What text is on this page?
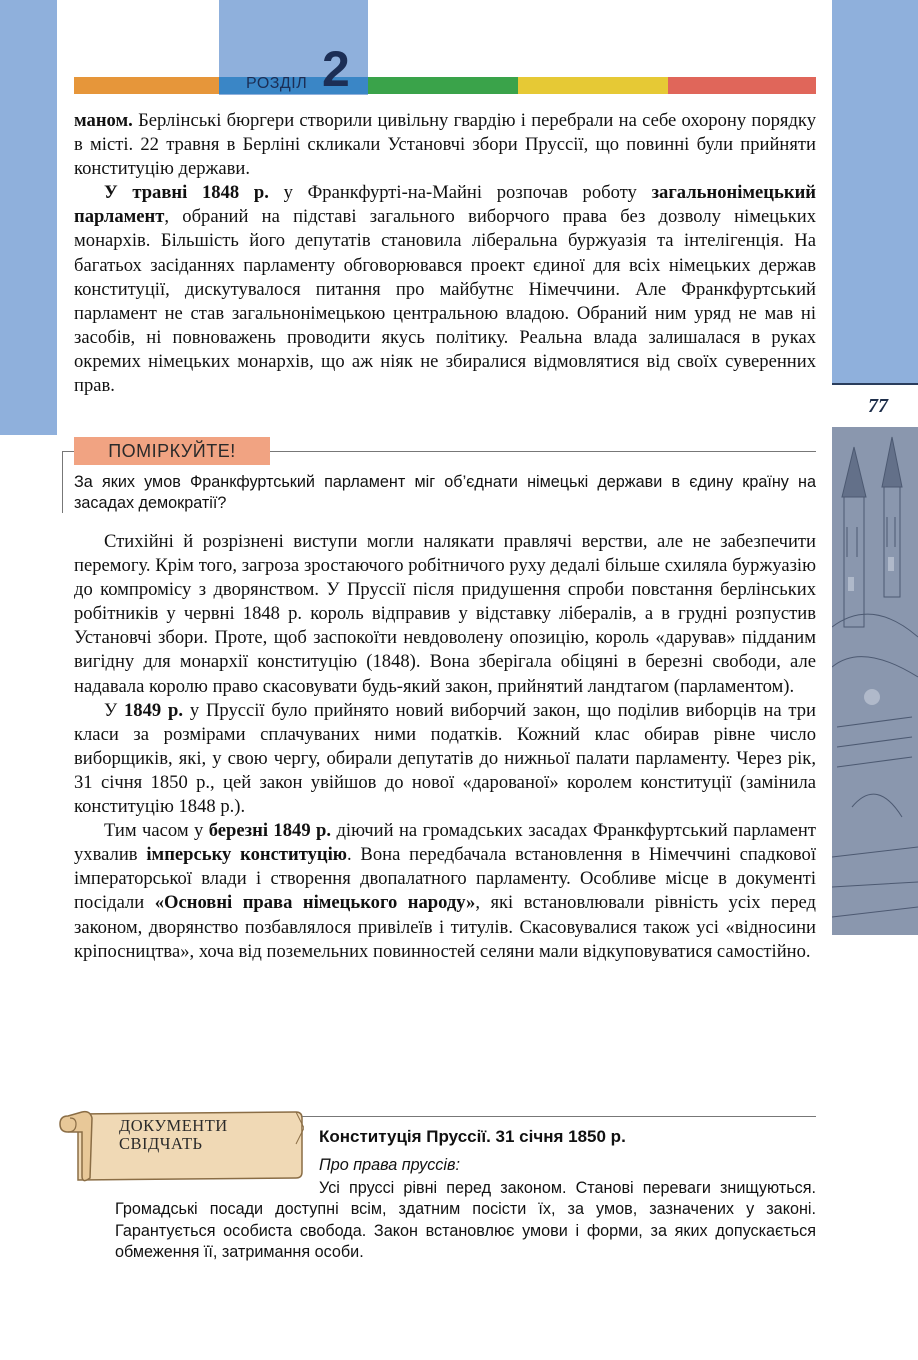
77
РОЗДІЛ 2

маном. Берлінські бюргери створили цивільну гвардію і перебрали на себе охорону порядку в місті. 22 травня в Берліні скликали Установчі збори Пруссії, що повинні були прийняти конституцію держави.

У травні 1848 р. у Франкфурті-на-Майні розпочав роботу загальнонімецький парламент, обраний на підставі загального виборчого права без дозволу німецьких монархів. Більшість його депутатів становила ліберальна буржуазія та інтелігенція. На багатьох засіданнях парламенту обговорювався проект єдиної для всіх німецьких держав конституції, дискутувалося питання про майбутнє Німеччини. Але Франкфуртський парламент не став загальнонімецькою центральною владою. Обраний ним уряд не мав ні засобів, ні повноважень проводити якусь політику. Реальна влада залишалася в руках окремих німецьких монархів, що аж ніяк не збиралися відмовлятися від своїх суверенних прав.

ПОМІРКУЙТЕ!
За яких умов Франкфуртський парламент міг об’єднати німецькі держави в єдину країну на засадах демократії?

Стихійні й розрізнені виступи могли налякати правлячі верстви, але не забезпечити перемогу. Крім того, загроза зростаючого робітничого руху дедалі більше схиляла буржуазію до компромісу з дворянством. У Пруссії після придушення спроби повстання берлінських робітників у червні 1848 р. король відправив у відставку лібералів, а в грудні розпустив Установчі збори. Проте, щоб заспокоїти невдоволену опозицію, король «дарував» підданим вигідну для монархії конституцію (1848). Вона зберігала обіцяні в березні свободи, але надавала королю право скасовувати будь-який закон, прийнятий ландтагом (парламентом).

У 1849 р. у Пруссії було прийнято новий виборчий закон, що поділив виборців на три класи за розмірами сплачуваних ними податків. Кожний клас обирав рівне число виборщиків, які, у свою чергу, обирали депутатів до нижньої палати парламенту. Через рік, 31 січня 1850 р., цей закон увійшов до нової «дарованої» королем конституції (замінила конституцію 1848 р.).

Тим часом у березні 1849 р. діючий на громадських засадах Франкфуртський парламент ухвалив імперську конституцію. Вона передбачала встановлення в Німеччині спадкової імператорської влади і створення двопалатного парламенту. Особливе місце в документі посідали «Основні права німецького народу», які встановлювали рівність усіх перед законом, дворянство позбавлялося привілеїв і титулів. Скасовувалися також усі «відносини кріпосництва», хоча від поземельних повинностей селяни мали відкуповуватися самостійно.

ДОКУМЕНТИ
СВІДЧАТЬ	Конституція Пруссії. 31 січня 1850 р.
Про права пруссів:
Усі пруссі рівні перед законом. Станові переваги знищуються. Громадські посади доступні всім, здатним посісти їх, за умов, зазначених у законі. Гарантується особиста свобода. Закон встановлює умови і форми, за яких допускається обмеження її, затримання особи.
